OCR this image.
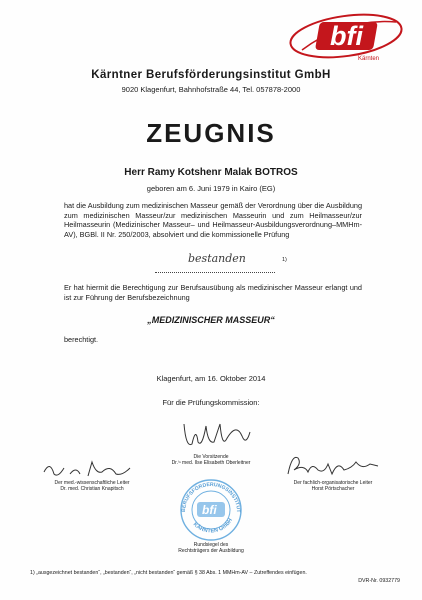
bfi
Kärnten
Kärntner Berufsförderungsinstitut GmbH
9020 Klagenfurt, Bahnhofstraße 44, Tel. 057878-2000
ZEUGNIS
Herr Ramy Kotshenr Malak BOTROS
geboren am 6. Juni 1979 in Kairo (EG)
hat die Ausbildung zum medizinischen Masseur gemäß der Verordnung über die Ausbildung zum medizinischen Masseur/zur medizinischen Masseurin und zum Heilmasseur/zur Heilmasseurin (Medizinischer Masseur– und Heilmasseur-Ausbildungsverordnung–MMHm-AV), BGBl. II Nr. 250/2003, absolviert und die kommissionelle Prüfung
bestanden	1)
Er hat hiermit die Berechtigung zur Berufsausübung als medizinischer Masseur erlangt und ist zur Führung der Berufsbezeichnung
„MEDIZINISCHER MASSEUR“
berechtigt.
Klagenfurt, am 16. Oktober 2014
Für die Prüfungskommission:
Die Vorsitzende
Dr.ⁱⁿ med. Ilse Elisabeth Oberleitner
Der med.-wissenschaftliche Leiter
Dr. med. Christian Knapitsch
Der fachlich-organisatorische Leiter
Horst Pörtschacher
BERUFSFÖRDERUNGSINSTITUT
KÄRNTEN GmbH
bfi
Rundsiegel des
Rechtsträgers der Ausbildung
1) „ausgezeichnet bestanden“, „bestanden“, „nicht bestanden“ gemäß § 38 Abs. 1 MMHm-AV – Zutreffendes einfügen.
DVR-Nr. 0932779
